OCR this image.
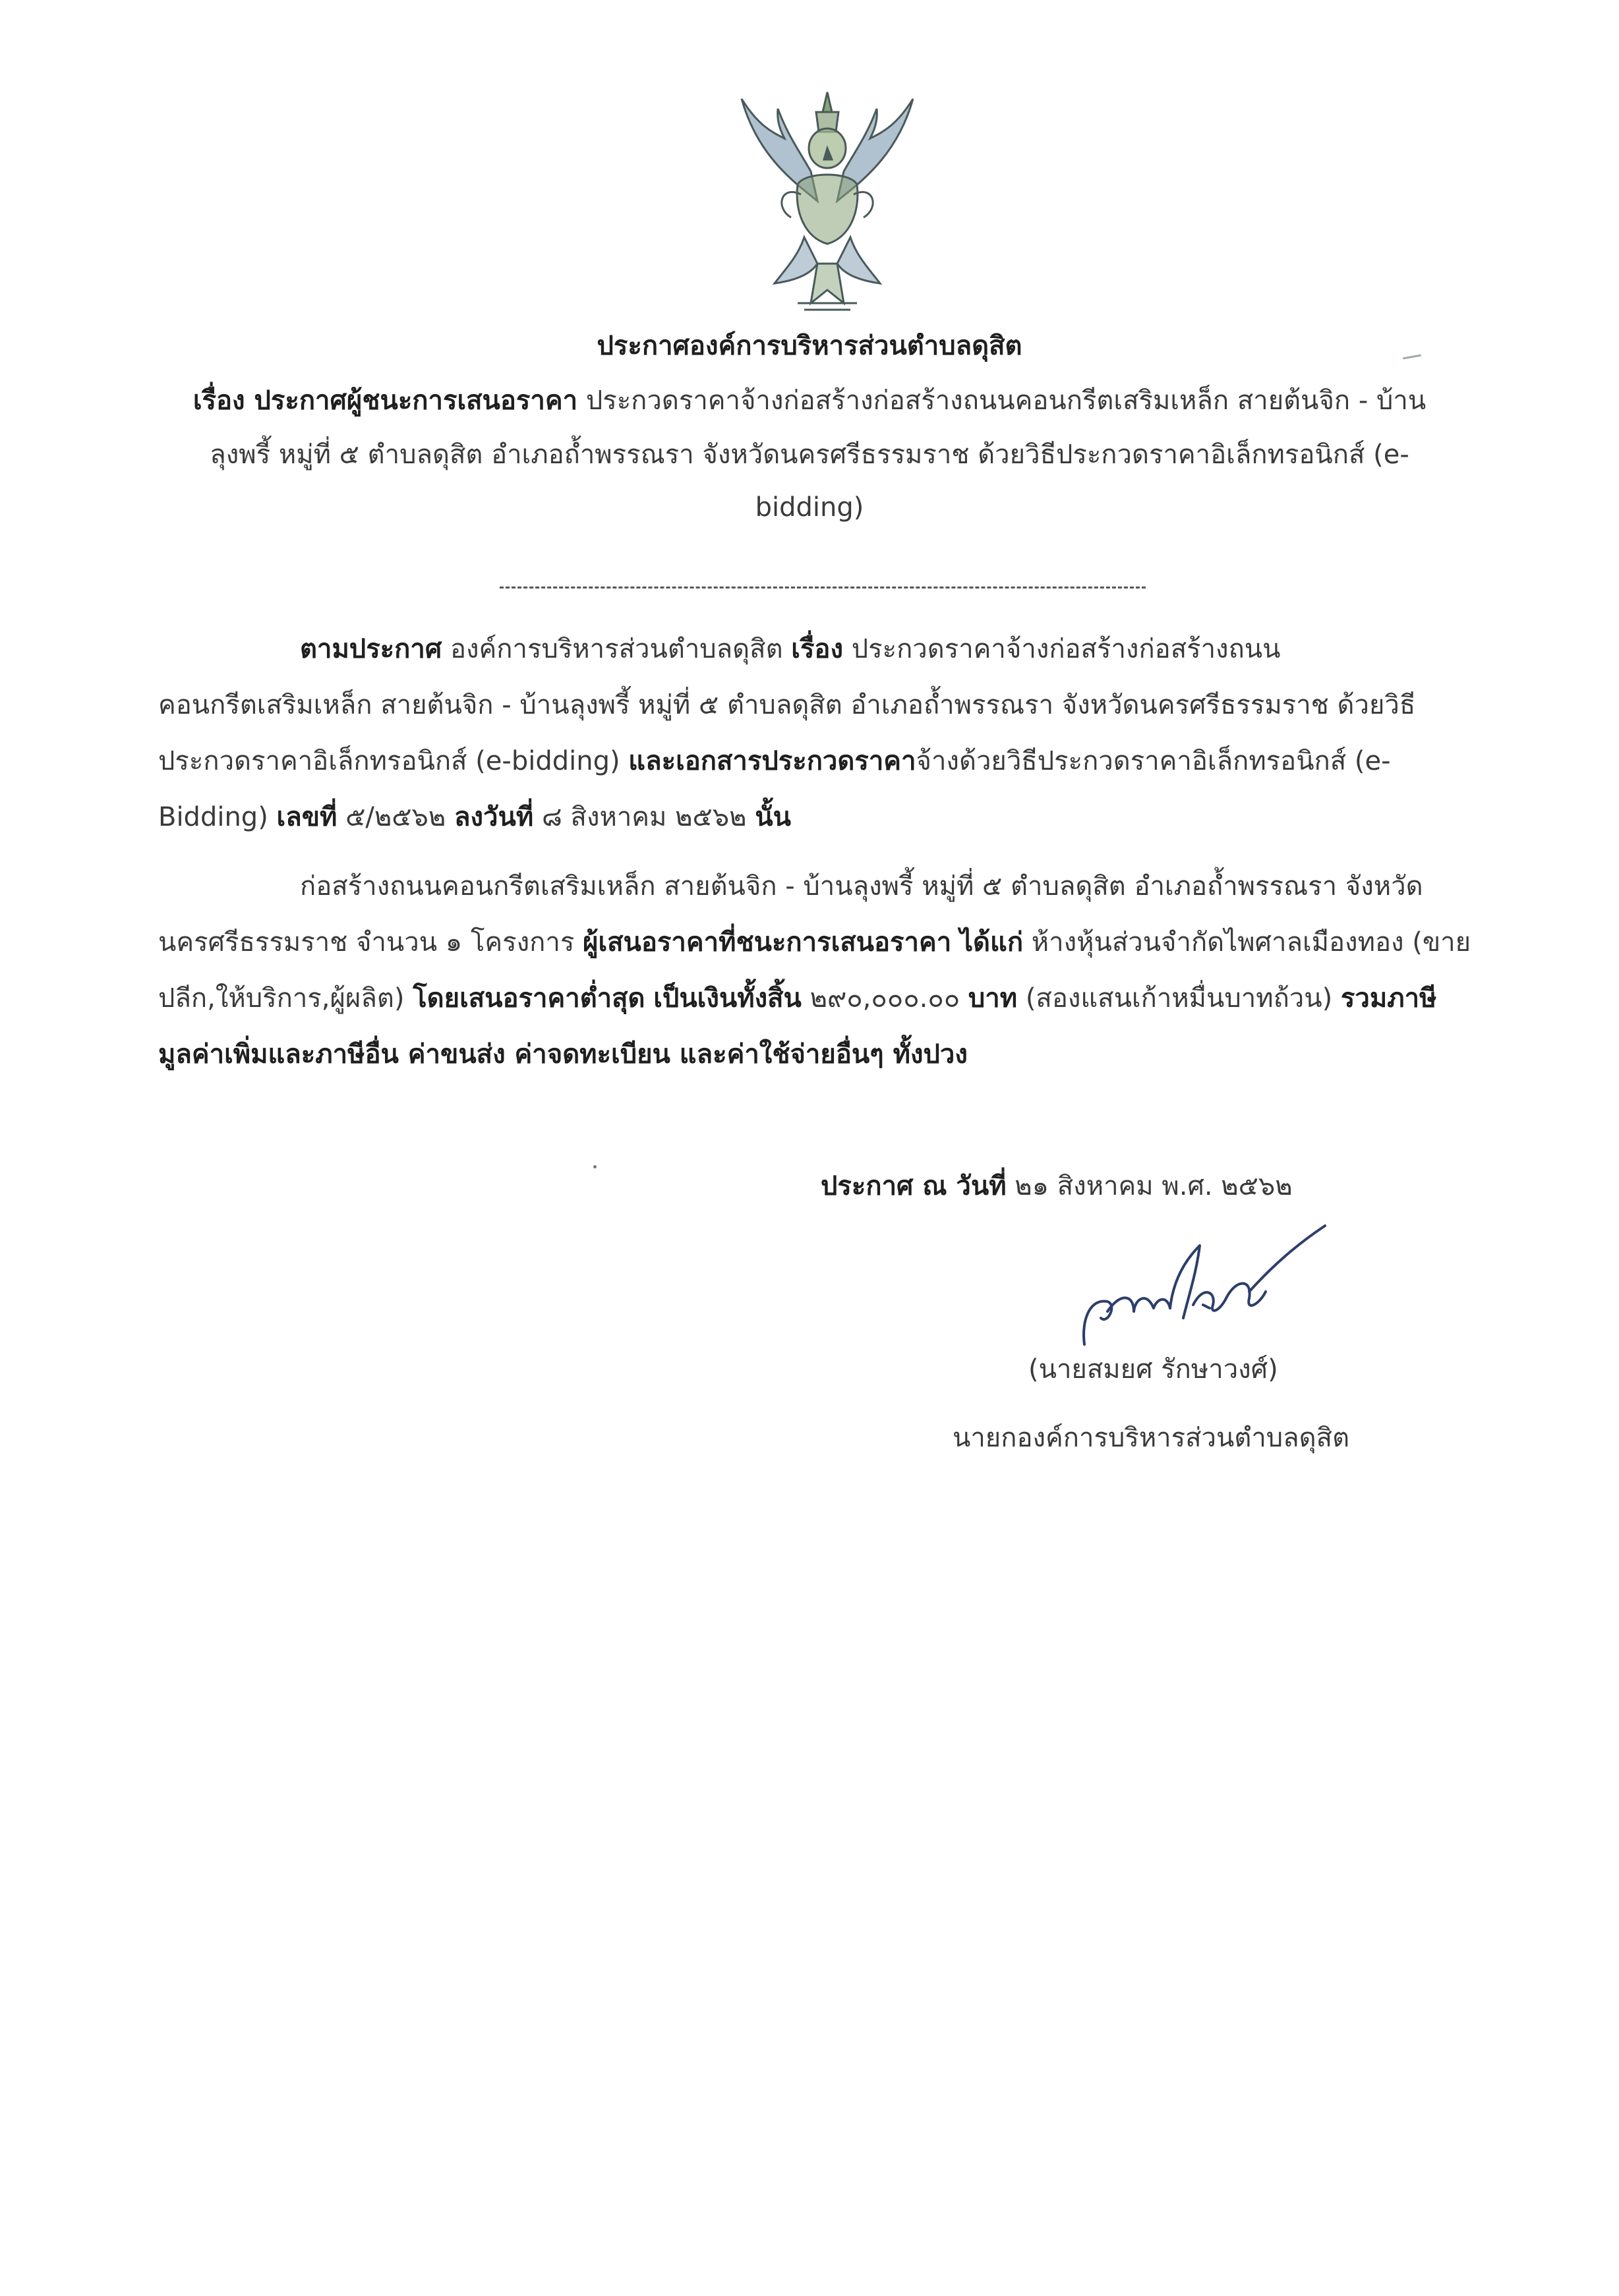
ประกาศองค์การบริหารส่วนตำบลดุสิต
เรื่อง ประกาศผู้ชนะการเสนอราคา ประกวดราคาจ้างก่อสร้างก่อสร้างถนนคอนกรีตเสริมเหล็ก สายต้นจิก - บ้าน
ลุงพรี้ หมู่ที่ ๕ ตำบลดุสิต อำเภอถ้ำพรรณรา จังหวัดนครศรีธรรมราช ด้วยวิธีประกวดราคาอิเล็กทรอนิกส์ (e-
bidding)
ตามประกาศ องค์การบริหารส่วนตำบลดุสิต เรื่อง ประกวดราคาจ้างก่อสร้างก่อสร้างถนน
คอนกรีตเสริมเหล็ก สายต้นจิก - บ้านลุงพรี้ หมู่ที่ ๕ ตำบลดุสิต อำเภอถ้ำพรรณรา จังหวัดนครศรีธรรมราช ด้วยวิธี
ประกวดราคาอิเล็กทรอนิกส์ (e-bidding) และเอกสารประกวดราคาจ้างด้วยวิธีประกวดราคาอิเล็กทรอนิกส์ (e-
Bidding) เลขที่ ๕/๒๕๖๒ ลงวันที่ ๘ สิงหาคม ๒๕๖๒ นั้น
ก่อสร้างถนนคอนกรีตเสริมเหล็ก สายต้นจิก - บ้านลุงพรี้ หมู่ที่ ๕ ตำบลดุสิต อำเภอถ้ำพรรณรา จังหวัด
นครศรีธรรมราช จำนวน ๑ โครงการ ผู้เสนอราคาที่ชนะการเสนอราคา ได้แก่ ห้างหุ้นส่วนจำกัดไพศาลเมืองทอง (ขาย
ปลีก,ให้บริการ,ผู้ผลิต) โดยเสนอราคาต่ำสุด เป็นเงินทั้งสิ้น ๒๙๐,๐๐๐.๐๐ บาท (สองแสนเก้าหมื่นบาทถ้วน) รวมภาษี
มูลค่าเพิ่มและภาษีอื่น ค่าขนส่ง ค่าจดทะเบียน และค่าใช้จ่ายอื่นๆ ทั้งปวง
ประกาศ ณ วันที่ ๒๑ สิงหาคม พ.ศ. ๒๕๖๒
(นายสมยศ รักษาวงศ์)
นายกองค์การบริหารส่วนตำบลดุสิต
